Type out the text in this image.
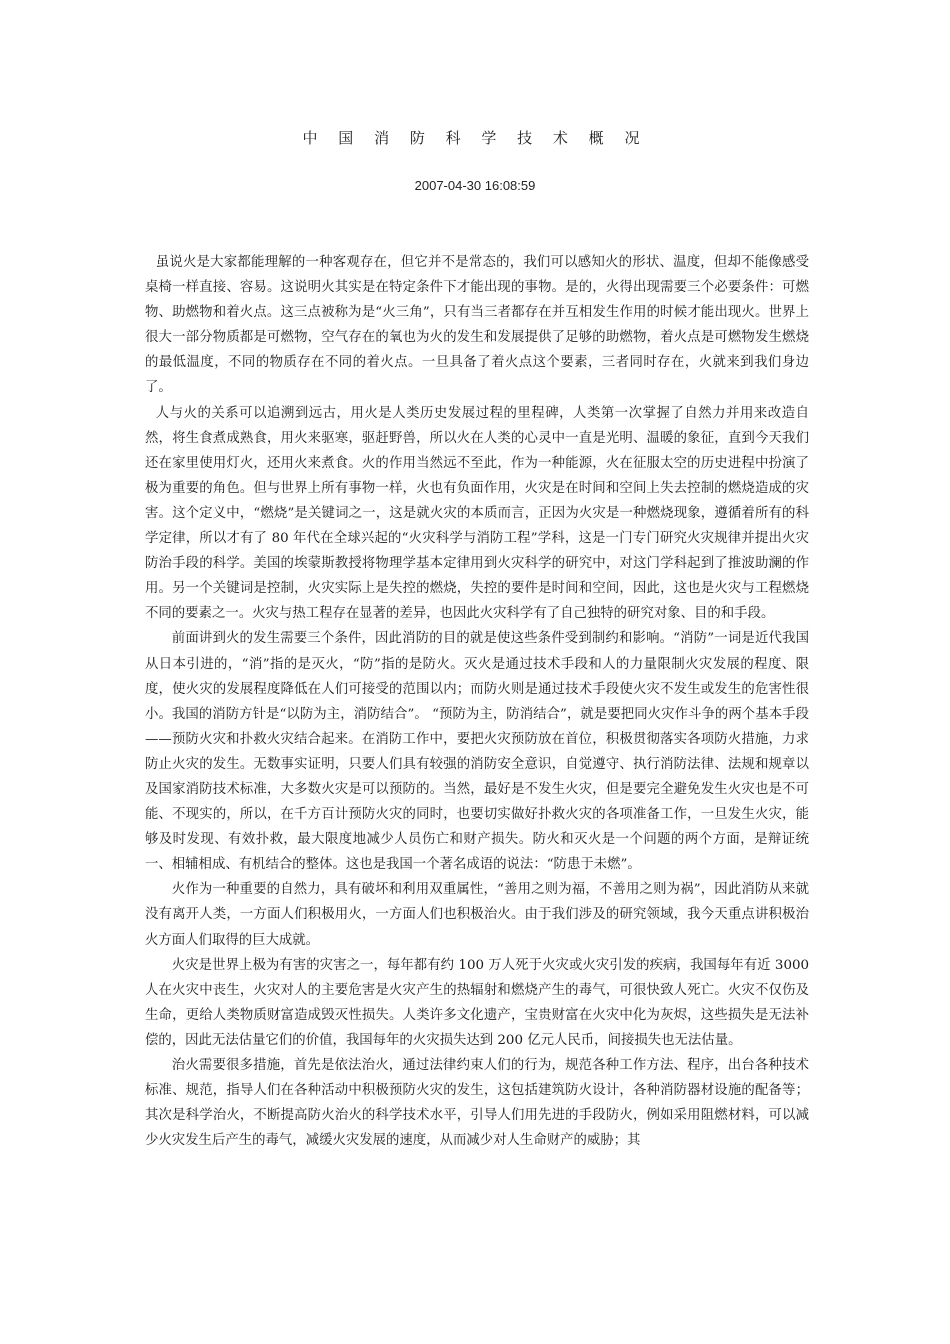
中 国 消 防 科 学 技 术 概 况
2007-04-30 16:08:59

虽说火是大家都能理解的一种客观存在，但它并不是常态的，我们可以感知火的形状、温度，但却不能像感受桌椅一样直接、容易。这说明火其实是在特定条件下才能出现的事物。是的，火得出现需要三个必要条件：可燃物、助燃物和着火点。这三点被称为是“火三角”，只有当三者都存在并互相发生作用的时候才能出现火。世界上很大一部分物质都是可燃物，空气存在的氧也为火的发生和发展提供了足够的助燃物，着火点是可燃物发生燃烧的最低温度，不同的物质存在不同的着火点。一旦具备了着火点这个要素，三者同时存在，火就来到我们身边了。

人与火的关系可以追溯到远古，用火是人类历史发展过程的里程碑，人类第一次掌握了自然力并用来改造自然，将生食煮成熟食，用火来驱寒，驱赶野兽，所以火在人类的心灵中一直是光明、温暖的象征，直到今天我们还在家里使用灯火，还用火来煮食。火的作用当然远不至此，作为一种能源，火在征服太空的历史进程中扮演了极为重要的角色。但与世界上所有事物一样，火也有负面作用，火灾是在时间和空间上失去控制的燃烧造成的灾害。这个定义中，“燃烧”是关键词之一，这是就火灾的本质而言，正因为火灾是一种燃烧现象，遵循着所有的科学定律，所以才有了 80 年代在全球兴起的“火灾科学与消防工程”学科，这是一门专门研究火灾规律并提出火灾防治手段的科学。美国的埃蒙斯教授将物理学基本定律用到火灾科学的研究中，对这门学科起到了推波助澜的作用。另一个关键词是控制，火灾实际上是失控的燃烧，失控的要件是时间和空间，因此，这也是火灾与工程燃烧不同的要素之一。火灾与热工程存在显著的差异，也因此火灾科学有了自己独特的研究对象、目的和手段。

前面讲到火的发生需要三个条件，因此消防的目的就是使这些条件受到制约和影响。“消防”一词是近代我国从日本引进的，“消”指的是灭火，“防”指的是防火。灭火是通过技术手段和人的力量限制火灾发展的程度、限度，使火灾的发展程度降低在人们可接受的范围以内；而防火则是通过技术手段使火灾不发生或发生的危害性很小。我国的消防方针是“以防为主，消防结合”。 “预防为主，防消结合”，就是要把同火灾作斗争的两个基本手段——预防火灾和扑救火灾结合起来。在消防工作中，要把火灾预防放在首位，积极贯彻落实各项防火措施，力求防止火灾的发生。无数事实证明，只要人们具有较强的消防安全意识，自觉遵守、执行消防法律、法规和规章以及国家消防技术标准，大多数火灾是可以预防的。当然，最好是不发生火灾，但是要完全避免发生火灾也是不可能、不现实的，所以，在千方百计预防火灾的同时，也要切实做好扑救火灾的各项准备工作，一旦发生火灾，能够及时发现、有效扑救，最大限度地减少人员伤亡和财产损失。防火和灭火是一个问题的两个方面，是辩证统一、相辅相成、有机结合的整体。这也是我国一个著名成语的说法：“防患于未燃”。

火作为一种重要的自然力，具有破坏和利用双重属性，“善用之则为福，不善用之则为祸”，因此消防从来就没有离开人类，一方面人们积极用火，一方面人们也积极治火。由于我们涉及的研究领域，我今天重点讲积极治火方面人们取得的巨大成就。

火灾是世界上极为有害的灾害之一，每年都有约 100 万人死于火灾或火灾引发的疾病，我国每年有近 3000 人在火灾中丧生，火灾对人的主要危害是火灾产生的热辐射和燃烧产生的毒气，可很快致人死亡。火灾不仅伤及生命，更给人类物质财富造成毁灭性损失。人类许多文化遗产，宝贵财富在火灾中化为灰烬，这些损失是无法补偿的，因此无法估量它们的价值，我国每年的火灾损失达到 200 亿元人民币，间接损失也无法估量。

治火需要很多措施，首先是依法治火，通过法律约束人们的行为，规范各种工作方法、程序，出台各种技术标准、规范，指导人们在各种活动中积极预防火灾的发生，这包括建筑防火设计，各种消防器材设施的配备等；其次是科学治火，不断提高防火治火的科学技术水平，引导人们用先进的手段防火，例如采用阻燃材料，可以减少火灾发生后产生的毒气，减缓火灾发展的速度，从而减少对人生命财产的威胁；其
